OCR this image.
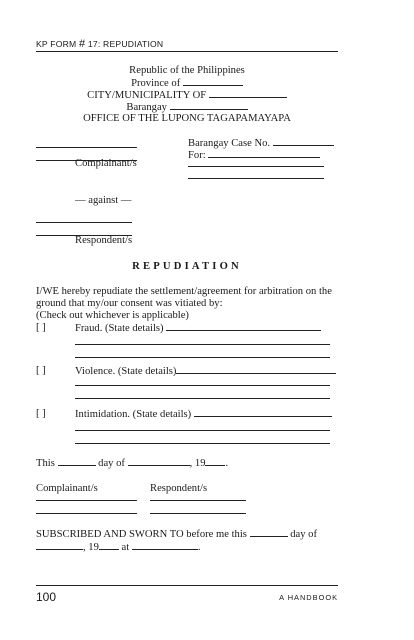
KP FORM # 17: REPUDIATION
Republic of the Philippines
Province of
CITY/MUNICIPALITY OF
Barangay
OFFICE OF THE LUPONG TAGAPAMAYAPA
Complainant/s
Barangay Case No.
For:
— against —
Respondent/s
REPUDIATION
I/WE hereby repudiate the settlement/agreement for arbitration on the
ground that my/our consent was vitiated by:
(Check out whichever is applicable)
[ ]	Fraud. (State details)
[ ]	Violence. (State details)
[ ]	Intimidation. (State details)
This	day of	, 19 .
Complainant/s	Respondent/s
SUBSCRIBED AND SWORN TO before me this	day of
, 19 at	.
100	A HANDBOOK
